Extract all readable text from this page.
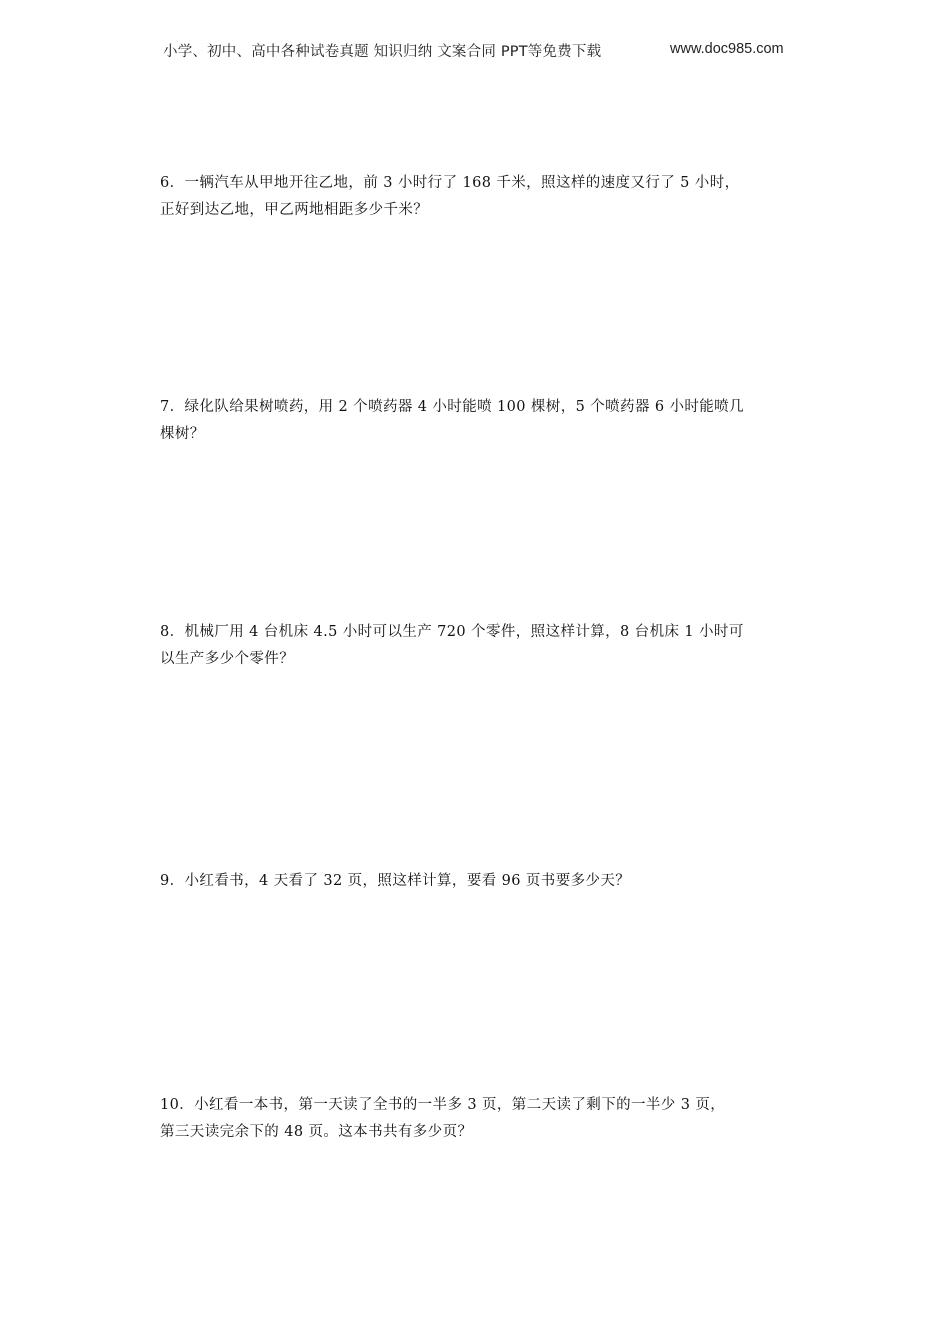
小学、初中、高中各种试卷真题 知识归纳 文案合同 PPT等免费下载	www.doc985.com
6．一辆汽车从甲地开往乙地，前 3 小时行了 168 千米，照这样的速度又行了 5 小时，
正好到达乙地，甲乙两地相距多少千米？
7．绿化队给果树喷药，用 2 个喷药器 4 小时能喷 100 棵树，5 个喷药器 6 小时能喷几
棵树？
8．机械厂用 4 台机床 4.5 小时可以生产 720 个零件，照这样计算，8 台机床 1 小时可
以生产多少个零件？
9．小红看书，4 天看了 32 页，照这样计算，要看 96 页书要多少天？
10．小红看一本书，第一天读了全书的一半多 3 页，第二天读了剩下的一半少 3 页，
第三天读完余下的 48 页。这本书共有多少页？
